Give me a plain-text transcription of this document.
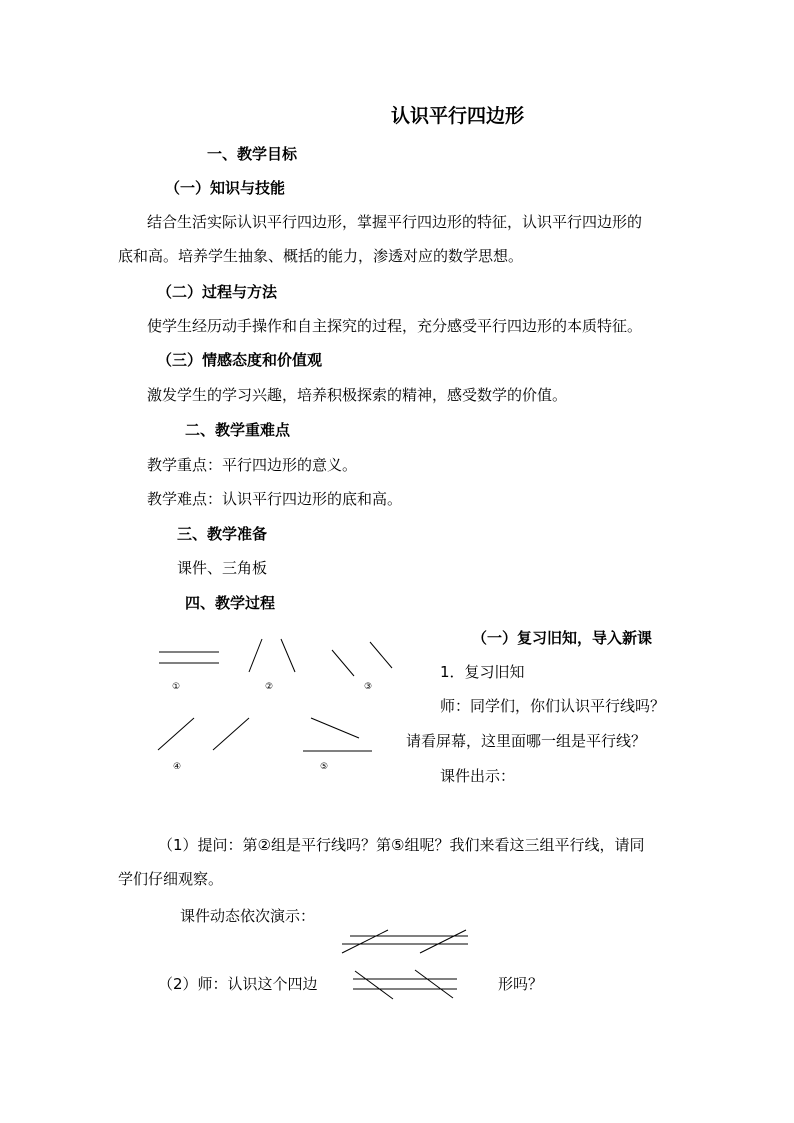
认识平行四边形
一、教学目标
（一）知识与技能
结合生活实际认识平行四边形，掌握平行四边形的特征，认识平行四边形的
底和高。培养学生抽象、概括的能力，渗透对应的数学思想。
（二）过程与方法
使学生经历动手操作和自主探究的过程，充分感受平行四边形的本质特征。
（三）情感态度和价值观
激发学生的学习兴趣，培养积极探索的精神，感受数学的价值。
二、教学重难点
教学重点：平行四边形的意义。
教学难点：认识平行四边形的底和高。
三、教学准备
课件、三角板
四、教学过程
（一）复习旧知，导入新课
1．复习旧知
师：同学们，你们认识平行线吗？
请看屏幕，这里面哪一组是平行线？
课件出示：
①	②	③
④	⑤
（1）提问：第②组是平行线吗？第⑤组呢？我们来看这三组平行线，请同
学们仔细观察。
课件动态依次演示：
（2）师：认识这个四边	形吗？
